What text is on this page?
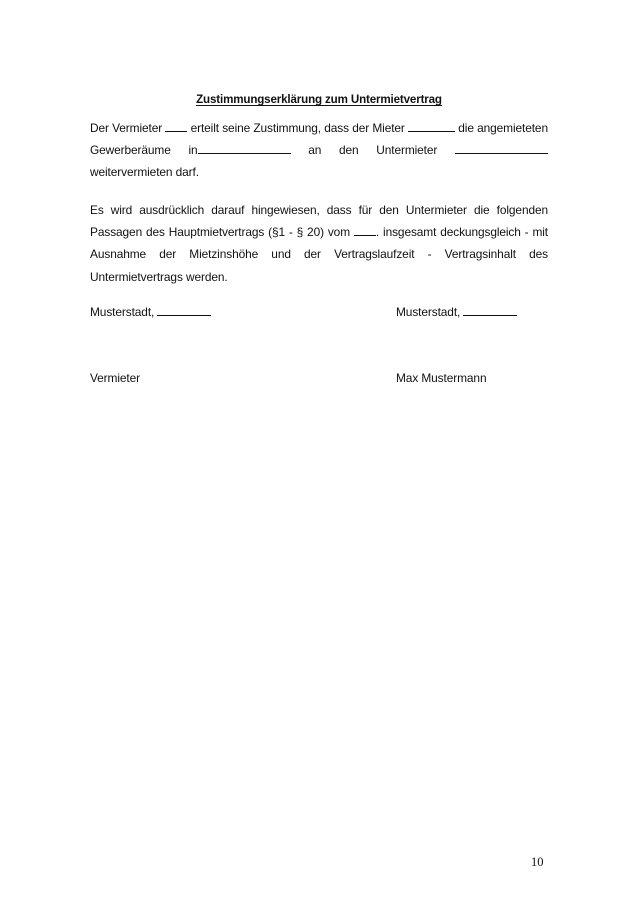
Zustimmungserklärung zum Untermietvertrag
Der Vermieter erteilt seine Zustimmung, dass der Mieter	die angemieteten Gewerberäume in	an den Untermieter  weitervermieten darf.
Es wird ausdrücklich darauf hingewiesen, dass für den Untermieter die folgenden Passagen des Hauptmietvertrags (§1 - § 20) vom . insgesamt deckungsgleich - mit Ausnahme der Mietzinshöhe und der Vertragslaufzeit - Vertragsinhalt des Untermietvertrags werden.
Musterstadt,	Musterstadt,
Vermieter	Max Mustermann
10
